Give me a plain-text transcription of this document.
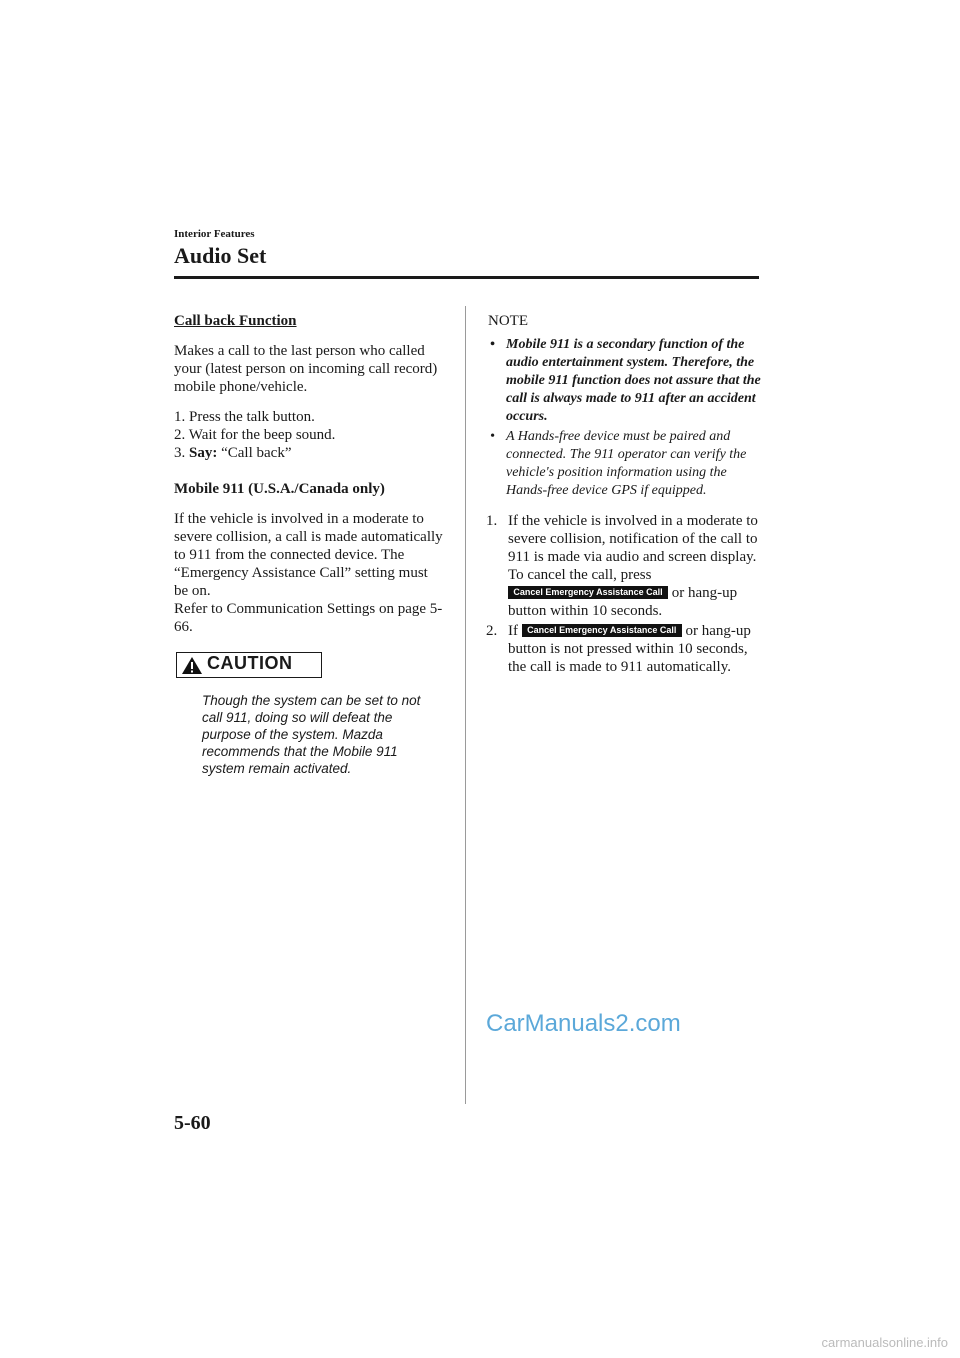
Interior Features
Audio Set
Call back Function

Makes a call to the last person who called your (latest person on incoming call record) mobile phone/vehicle.

1. Press the talk button.
2. Wait for the beep sound.
3. Say: “Call back”
Mobile 911 (U.S.A./Canada only)

If the vehicle is involved in a moderate to severe collision, a call is made automatically to 911 from the connected device. The “Emergency Assistance Call” setting must be on.

Refer to Communication Settings on page 5-66.

CAUTION
Though the system can be set to not call 911, doing so will defeat the purpose of the system. Mazda recommends that the Mobile 911 system remain activated.
NOTE
• Mobile 911 is a secondary function of the audio entertainment system. Therefore, the mobile 911 function does not assure that the call is always made to 911 after an accident occurs.
• A Hands-free device must be paired and connected. The 911 operator can verify the vehicle's position information using the Hands-free device GPS if equipped.
1. If the vehicle is involved in a moderate to severe collision, notification of the call to 911 is made via audio and screen display. To cancel the call, press Cancel Emergency Assistance Call or hang-up button within 10 seconds.
2. If Cancel Emergency Assistance Call or hang-up button is not pressed within 10 seconds, the call is made to 911 automatically.
CarManuals2.com
5-60
carmanualsonline.info
